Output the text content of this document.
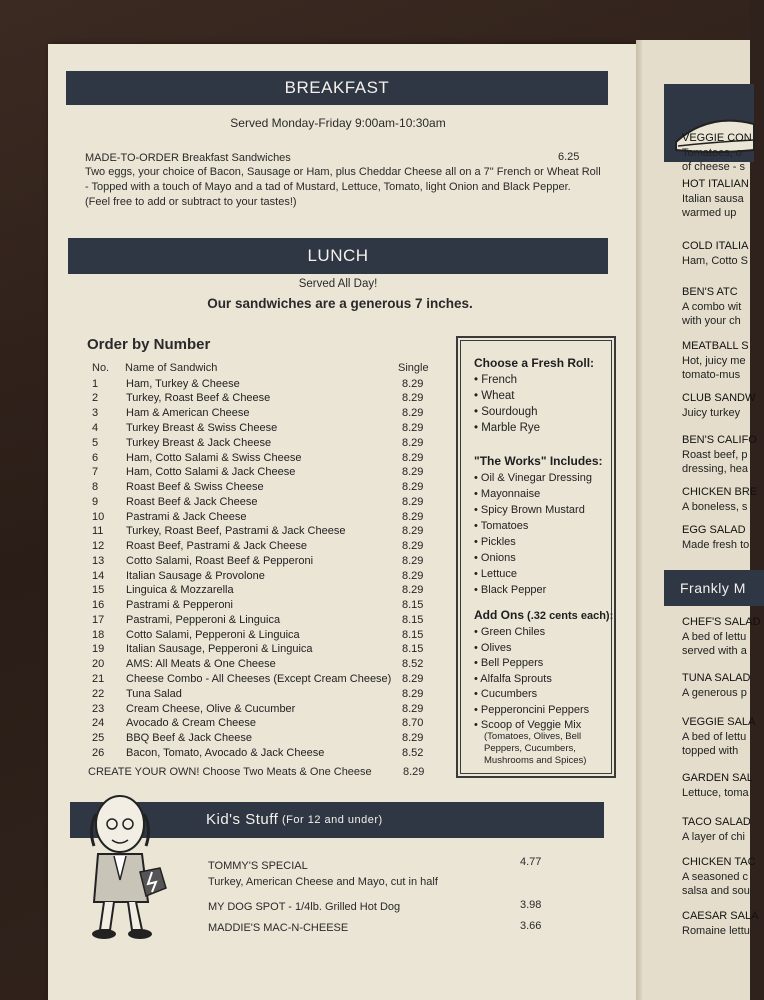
BREAKFAST
Served Monday-Friday 9:00am-10:30am
MADE-TO-ORDER Breakfast Sandwiches	6.25
Two eggs, your choice of Bacon, Sausage or Ham, plus Cheddar Cheese all on a 7" French or Wheat Roll
- Topped with a touch of Mayo and a tad of Mustard, Lettuce, Tomato, light Onion and Black Pepper.
(Feel free to add or subtract to your tastes!)
LUNCH
Served All Day!
Our sandwiches are a generous 7 inches.
Order by Number
No. Name of Sandwich	Single
1	Ham, Turkey & Cheese	8.29
2	Turkey, Roast Beef & Cheese	8.29
3	Ham & American Cheese	8.29
4	Turkey Breast & Swiss Cheese	8.29
5	Turkey Breast & Jack Cheese	8.29
6	Ham, Cotto Salami & Swiss Cheese	8.29
7	Ham, Cotto Salami & Jack Cheese	8.29
8	Roast Beef & Swiss Cheese	8.29
9	Roast Beef & Jack Cheese	8.29
10 Pastrami & Jack Cheese	8.29
11 Turkey, Roast Beef, Pastrami & Jack Cheese	8.29
12 Roast Beef, Pastrami & Jack Cheese	8.29
13 Cotto Salami, Roast Beef & Pepperoni	8.29
14 Italian Sausage & Provolone	8.29
15 Linguica & Mozzarella	8.29
16 Pastrami & Pepperoni	8.15
17 Pastrami, Pepperoni & Linguica	8.15
18 Cotto Salami, Pepperoni & Linguica	8.15
19 Italian Sausage, Pepperoni & Linguica	8.15
20 AMS: All Meats & One Cheese	8.52
21 Cheese Combo - All Cheeses (Except Cream Cheese) 8.29
22 Tuna Salad	8.29
23 Cream Cheese, Olive & Cucumber	8.29
24 Avocado & Cream Cheese	8.70
25 BBQ Beef & Jack Cheese	8.29
26 Bacon, Tomato, Avocado & Jack Cheese	8.52
CREATE YOUR OWN! Choose Two Meats & One Cheese	8.29
Choose a Fresh Roll:
• French
• Wheat
• Sourdough
• Marble Rye
"The Works" Includes:
• Oil & Vinegar Dressing
• Mayonnaise
• Spicy Brown Mustard
• Tomatoes
• Pickles
• Onions
• Lettuce
• Black Pepper
Add Ons (.32 cents each):
• Green Chiles
• Olives
• Bell Peppers
• Alfalfa Sprouts
• Cucumbers
• Pepperoncini Peppers
• Scoop of Veggie Mix
(Tomatoes, Olives, Bell
Peppers, Cucumbers,
Mushrooms and Spices)
Kid's Stuff (For 12 and under)
TOMMY'S SPECIAL
Turkey, American Cheese and Mayo, cut in half
4.77
MY DOG SPOT - 1/4lb. Grilled Hot Dog	3.98
MADDIE'S MAC-N-CHEESE	3.66
VEGGIE CON
Tomatoes, o
of cheese - s
HOT ITALIAN
Italian sausa
warmed up
COLD ITALIA
Ham, Cotto S
BEN'S ATC
A combo wit
with your ch
MEATBALL S
Hot, juicy me
tomato-mus
CLUB SANDW
Juicy turkey
BEN'S CALIFO
Roast beef, p
dressing, hea
CHICKEN BRE
A boneless, s
EGG SALAD
Made fresh to
Frankly M
CHEF'S SALAD
A bed of lettu
served with a
TUNA SALAD
A generous p
VEGGIE SALA
A bed of lettu
topped with
GARDEN SAL
Lettuce, toma
TACO SALAD
A layer of chi
CHICKEN TAC
A seasoned c
salsa and sou
CAESAR SALA
Romaine lettu
